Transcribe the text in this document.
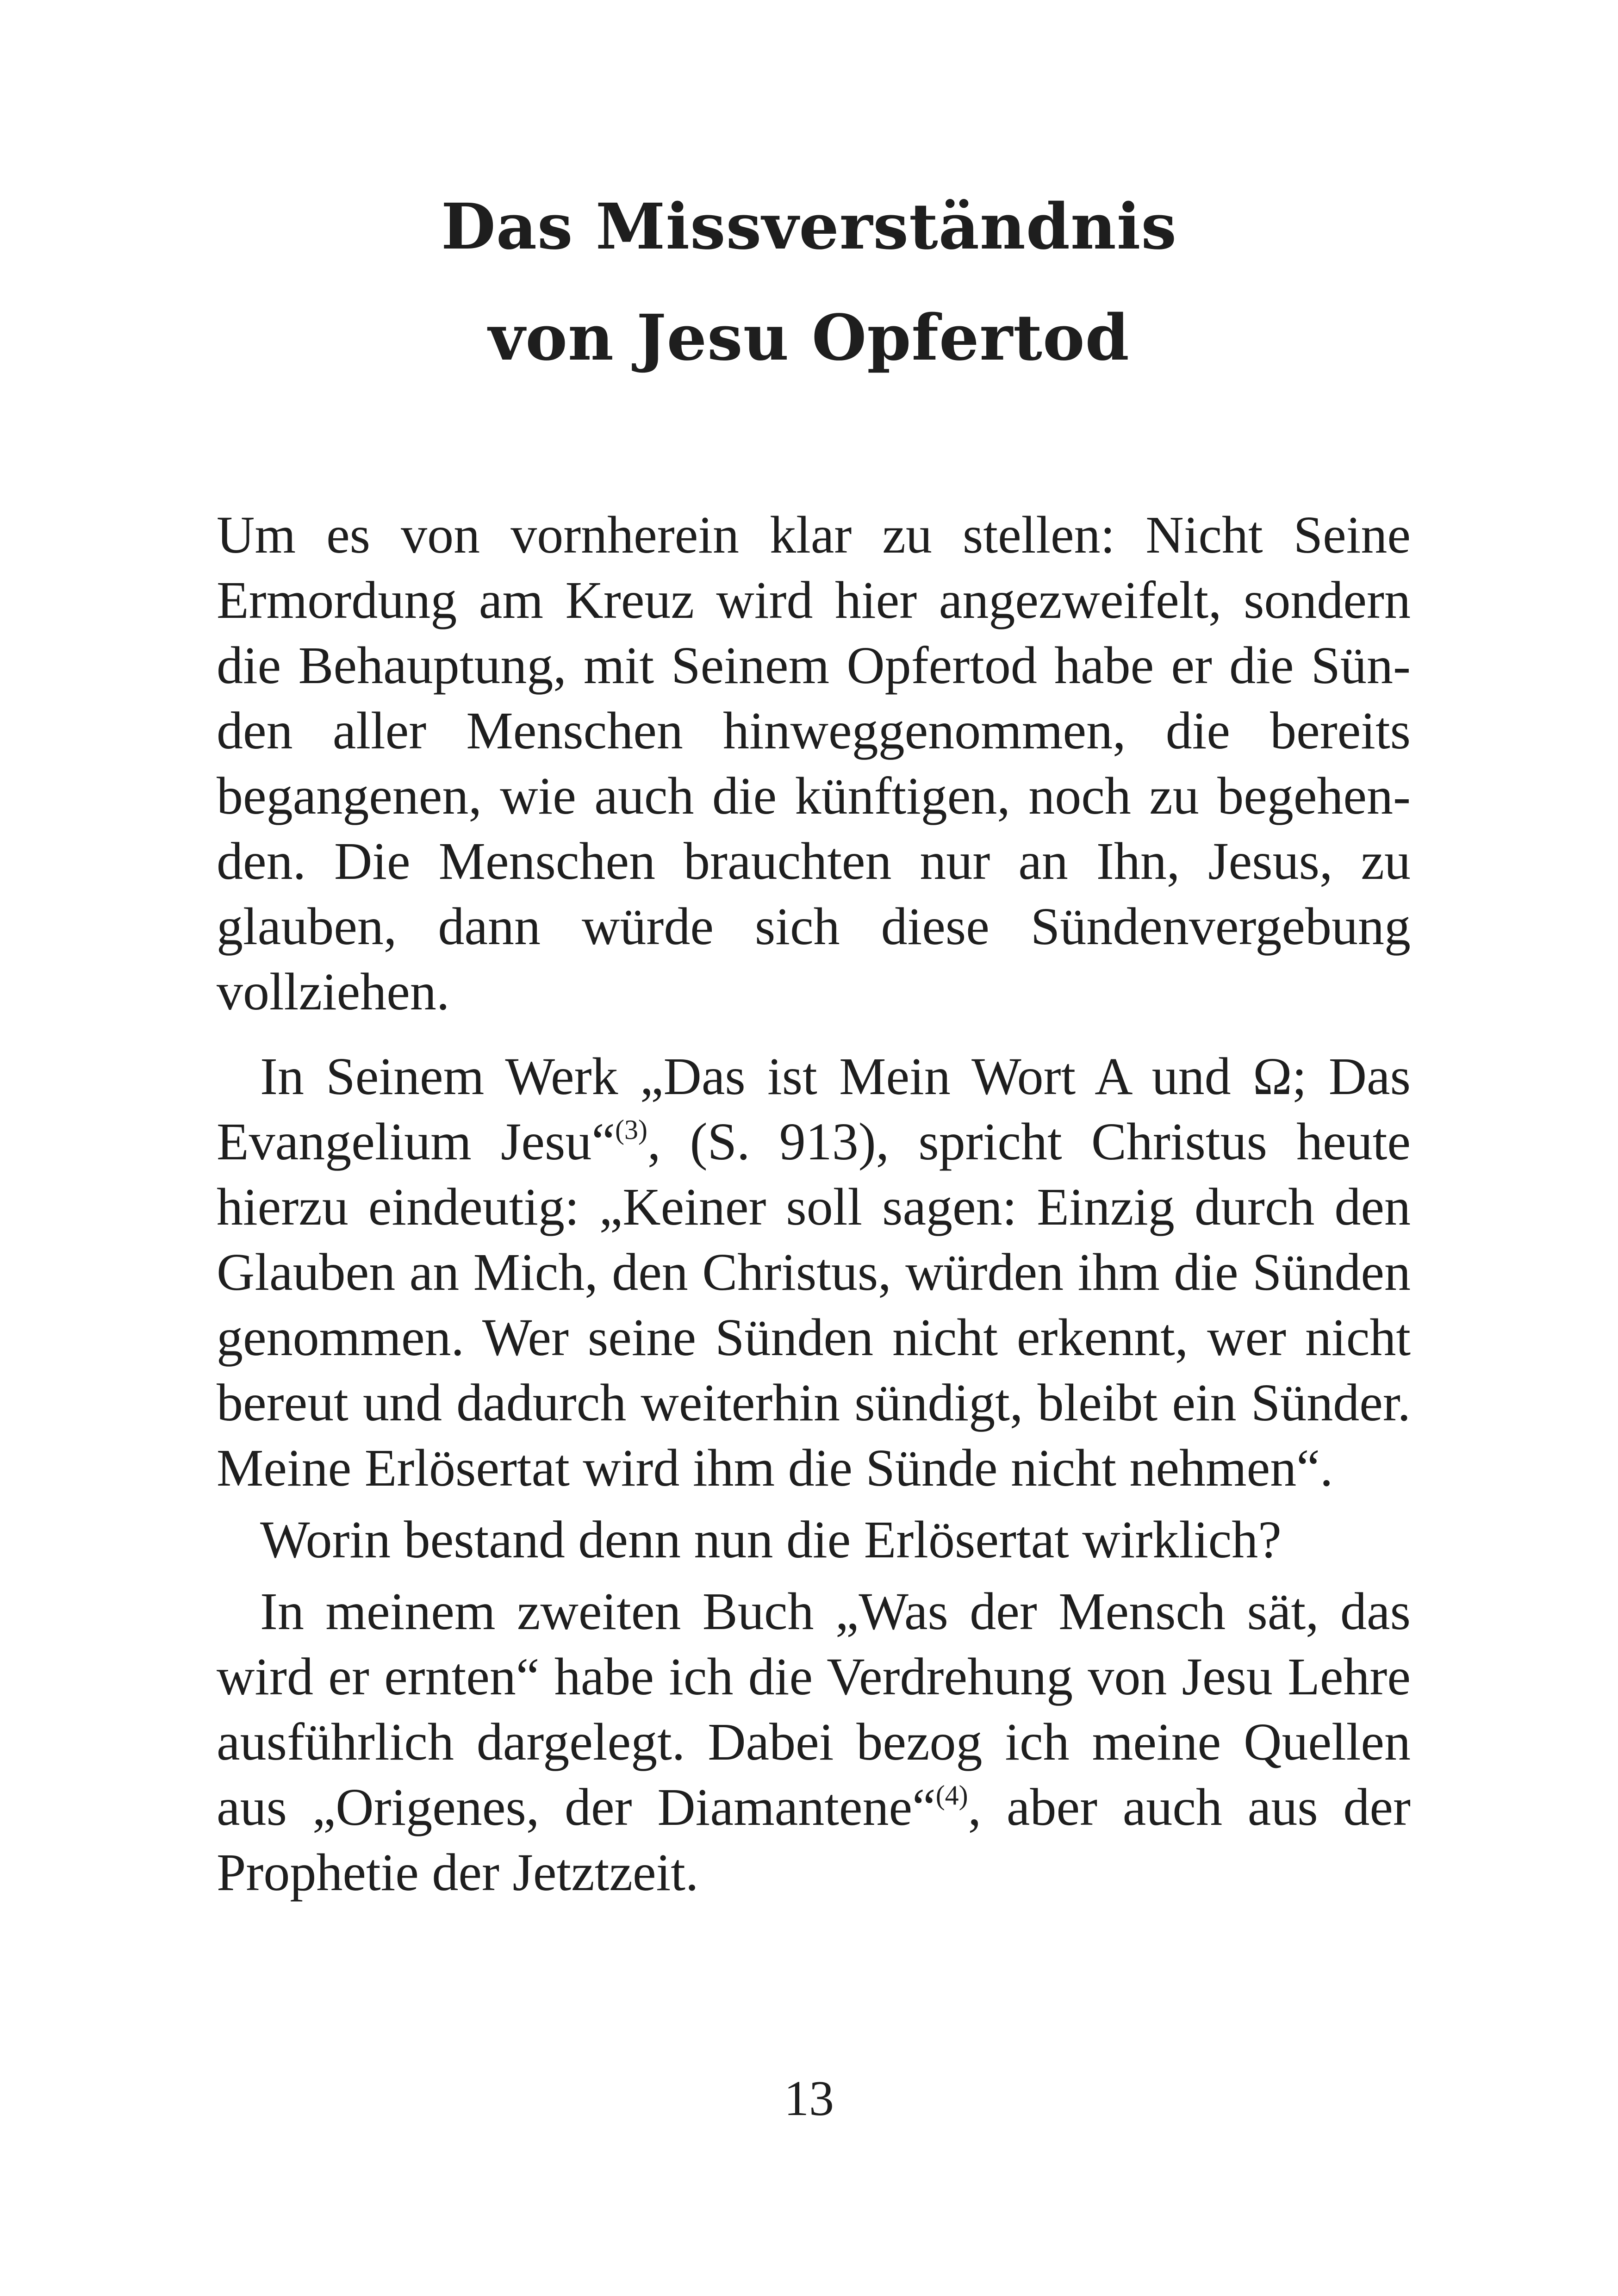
Das Missverständnis
von Jesu Opfertod

Um es von vornherein klar zu stellen: Nicht Seine Ermordung am Kreuz wird hier angezweifelt, sondern die Behauptung, mit Seinem Opfertod habe er die Sünden aller Menschen hinweggenommen, die bereits begangenen, wie auch die künftigen, noch zu begehenden. Die Menschen brauchten nur an Ihn, Jesus, zu glauben, dann würde sich diese Sündenvergebung vollziehen.

In Seinem Werk „Das ist Mein Wort A und Ω; Das Evangelium Jesu“$^{(3)}$, (S. 913), spricht Christus heute hierzu eindeutig: „Keiner soll sagen: Einzig durch den Glauben an Mich, den Christus, würden ihm die Sünden genommen. Wer seine Sünden nicht erkennt, wer nicht bereut und dadurch weiterhin sündigt, bleibt ein Sünder. Meine Erlösertat wird ihm die Sünde nicht nehmen“.

Worin bestand denn nun die Erlösertat wirklich?

In meinem zweiten Buch „Was der Mensch sät, das wird er ernten“ habe ich die Verdrehung von Jesu Lehre ausführlich dargelegt. Dabei bezog ich meine Quellen aus „Origenes, der Diamantene“$^{(4)}$, aber auch aus der Prophetie der Jetztzeit.

13
